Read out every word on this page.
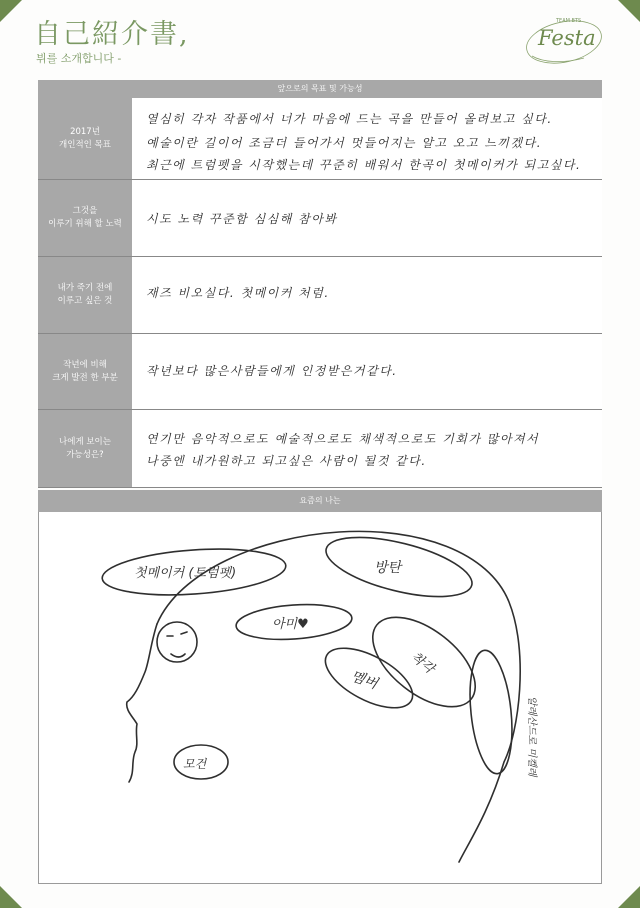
自己紹介書,
뷔를 소개합니다 -
TEAM BTS
Festa
앞으로의 목표 및 가능성
2017년
개인적인 목표
열심히 각자 작품에서 너가 마음에 드는 곡을 만들어 올려보고 싶다.
예술이란 길이어 조금더 들어가서 멋들어지는 알고 오고 느끼겠다.
최근에 트럼펫을 시작했는데 꾸준히 배워서 한곡이 첫메이커가 되고싶다.
그것을
이루기 위해 할 노력 시도 노력 꾸준함 심심해 참아봐
내가 죽기 전에
이루고 싶은 것
재즈 비오실다. 첫메이커 처럼.
작년에 비해
크게 발전 한 부분 작년보다 많은사람들에게 인정받은거같다.
나에게 보이는
가능성은?
연기만 음악적으로도 예술적으로도 채색적으로도 기회가 많아져서
나중엔 내가원하고 되고싶은 사람이 될것 같다.
요즘의 나는
첫메이커 (트럼펫)	방탄
아미♥
착각
멤버
알레산드로 미켈레
모건
